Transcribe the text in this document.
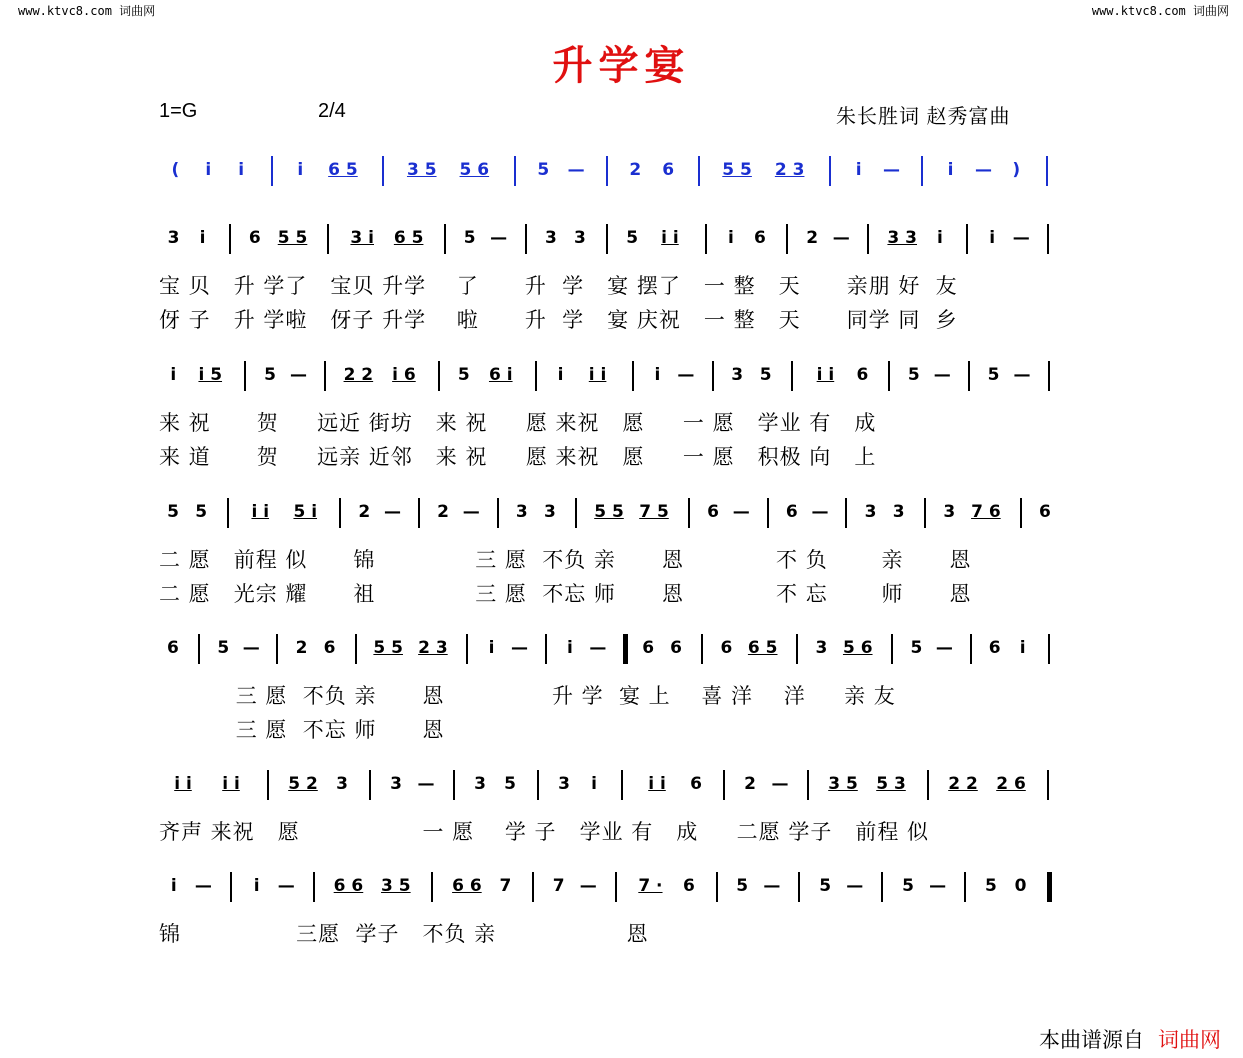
www.ktvc8.com 词曲网	www.ktvc8.com 词曲网
升学宴
1=G	2/4	朱长胜词 赵秀富曲
(	i	i	i	6 5	3 5	5 6	5	—	2	6	5 5	2 3	i	—	i	—	)
3	i	6	5 5	3 i	6 5	5 —	3	3	5	i i	i	6	2 —	3 3	i	i	—
宝 贝   升 学了   宝贝 升学    了      升  学   宴 摆了   一 整   天      亲朋 好  友
伢 子   升 学啦   伢子 升学    啦      升  学   宴 庆祝   一 整   天      同学 同  乡
i	i 5	5 —	2 2	i 6	5	6 i	i	i i	i	—	3 5	i i	6	5 —	5 —
来 祝      贺     远近 街坊   来 祝     愿 来祝   愿     一 愿   学业 有   成
来 道      贺     远亲 近邻   来 祝     愿 来祝   愿     一 愿   积极 向   上
5 5	i i	5 i	2 —	2 —	3 3	5 5 7 5	6 —	6 —	3 3	3 7 6	6
二 愿   前程 似      锦             三 愿  不负 亲      恩            不 负       亲      恩
二 愿   光宗 耀      祖             三 愿  不忘 师      恩            不 忘       师      恩
6	5 —	2 6	5 5 2 3	i —	i —	6 6	6 6 5	3 5 6	5 —	6	i
三 愿  不负 亲      恩              升 学  宴 上    喜 洋    洋     亲 友
三 愿  不忘 师      恩
i i	i i	5 2	3	3 —	3	5	3	i	i i	6	2 —	3 5	5 3	2 2	2 6
齐声 来祝   愿                一 愿    学 子   学业 有   成     二愿 学子   前程 似
i	—	i	—	6 6	3 5	6 6	7	7 —	7 ·	6	5 —	5 —	5 —	5	0
锦               三愿  学子   不负 亲                 恩
本曲谱源自 词曲网
